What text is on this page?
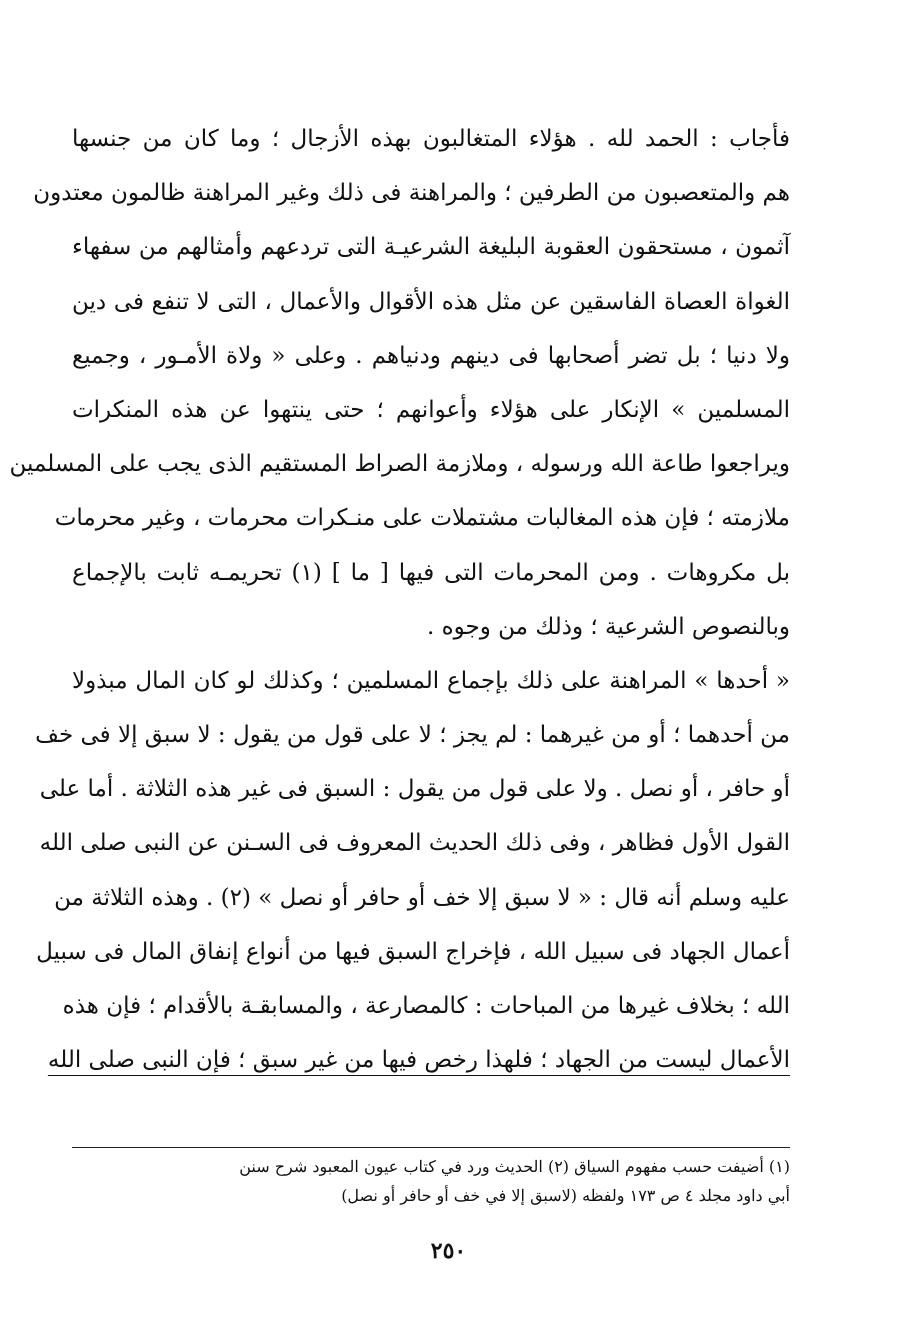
فأجاب : الحمد لله . هؤلاء المتغالبون بهذه الأزجال ؛ وما كان من جنسها
هم والمتعصبون من الطرفين ؛ والمراهنة فى ذلك وغير المراهنة ظالمون معتدون
آثمون ، مستحقون العقوبة البليغة الشرعيـة التى تردعهم وأمثالهم من سفهاء
الغواة العصاة الفاسقين عن مثل هذه الأقوال والأعمال ، التى لا تنفع فى دين
ولا دنيا ؛ بل تضر أصحابها فى دينهم ودنياهم . وعلى « ولاة الأمـور ، وجميع
المسلمين » الإنكار على هؤلاء وأعوانهم ؛ حتى ينتهوا عن هذه المنكرات
ويراجعوا طاعة الله ورسوله ، وملازمة الصراط المستقيم الذى يجب على المسلمين
ملازمته ؛ فإن هذه المغالبات مشتملات على منـكرات محرمات ، وغير محرمات
بل مكروهات . ومن المحرمات التى فيها [ ما ] (١) تحريمـه ثابت بالإجماع
وبالنصوص الشرعية ؛ وذلك من وجوه .
« أحدها » المراهنة على ذلك بإجماع المسلمين ؛ وكذلك لو كان المال مبذولا
من أحدهما ؛ أو من غيرهما : لم يجز ؛ لا على قول من يقول : لا سبق إلا فى خف
أو حافر ، أو نصل . ولا على قول من يقول : السبق فى غير هذه الثلاثة . أما على
القول الأول فظاهر ، وفى ذلك الحديث المعروف فى السـنن عن النبى صلى الله
عليه وسلم أنه قال : « لا سبق إلا خف أو حافر أو نصل » (٢) . وهذه الثلاثة من
أعمال الجهاد فى سبيل الله ، فإخراج السبق فيها من أنواع إنفاق المال فى سبيل
الله ؛ بخلاف غيرها من المباحات : كالمصارعة ، والمسابقـة بالأقدام ؛ فإن هذه
الأعمال ليست من الجهاد ؛ فلهذا رخص فيها من غير سبق ؛ فإن النبى صلى الله
(١) أضيفت حسب مفهوم السياق (٢) الحديث ورد في كتاب عيون المعبود شرح سنن
أبي داود مجلد ٤ ص ١٧٣ ولفظه (لاسبق إلا في خف أو حافر أو نصل)
٢٥٠
